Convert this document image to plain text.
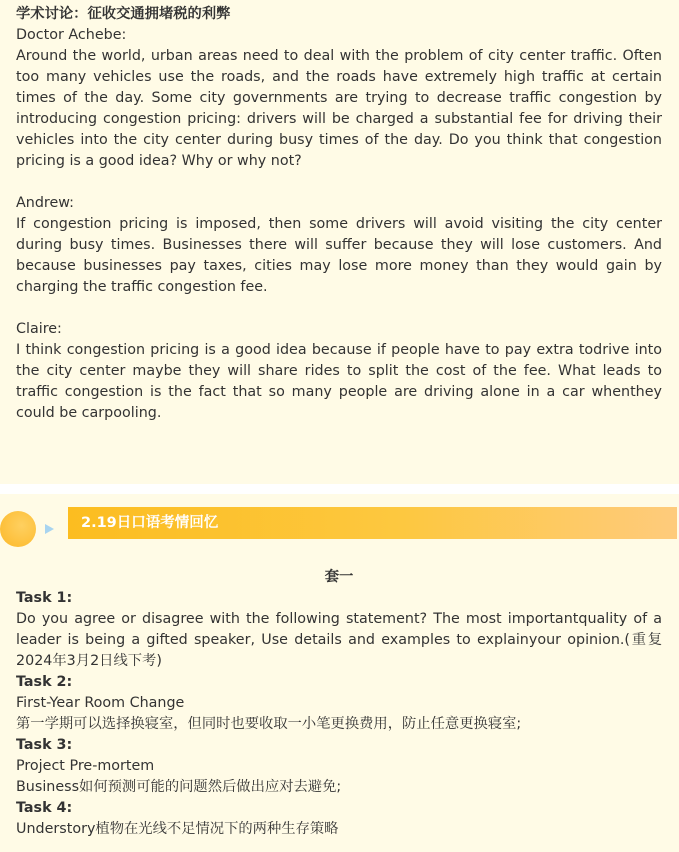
学术讨论：征收交通拥堵税的利弊

Doctor Achebe:

Around the world, urban areas need to deal with the problem of city center traffic. Often too many vehicles use the roads, and the roads have extremely high traffic at certain times of the day. Some city governments are trying to decrease traffic congestion by introducing congestion pricing: drivers will be charged a substantial fee for driving their vehicles into the city center during busy times of the day. Do you think that congestion pricing is a good idea? Why or why not?

Andrew:

If congestion pricing is imposed, then some drivers will avoid visiting the city center during busy times. Businesses there will suffer because they will lose customers. And because businesses pay taxes, cities may lose more money than they would gain by charging the traffic congestion fee.

Claire:

I think congestion pricing is a good idea because if people have to pay extra todrive into the city center maybe they will share rides to split the cost of the fee. What leads to traffic congestion is the fact that so many people are driving alone in a car whenthey could be carpooling.

2.19日口语考情回忆

套一

Task 1:

Do you agree or disagree with the following statement? The most importantquality of a leader is being a gifted speaker, Use details and examples to explainyour opinion.(重复2024年3月2日线下考)

Task 2:

First-Year Room Change

第一学期可以选择换寝室，但同时也要收取一小笔更换费用，防止任意更换寝室;

Task 3:

Project Pre-mortem

Business如何预测可能的问题然后做出应对去避免;

Task 4:

Understory植物在光线不足情况下的两种生存策略
